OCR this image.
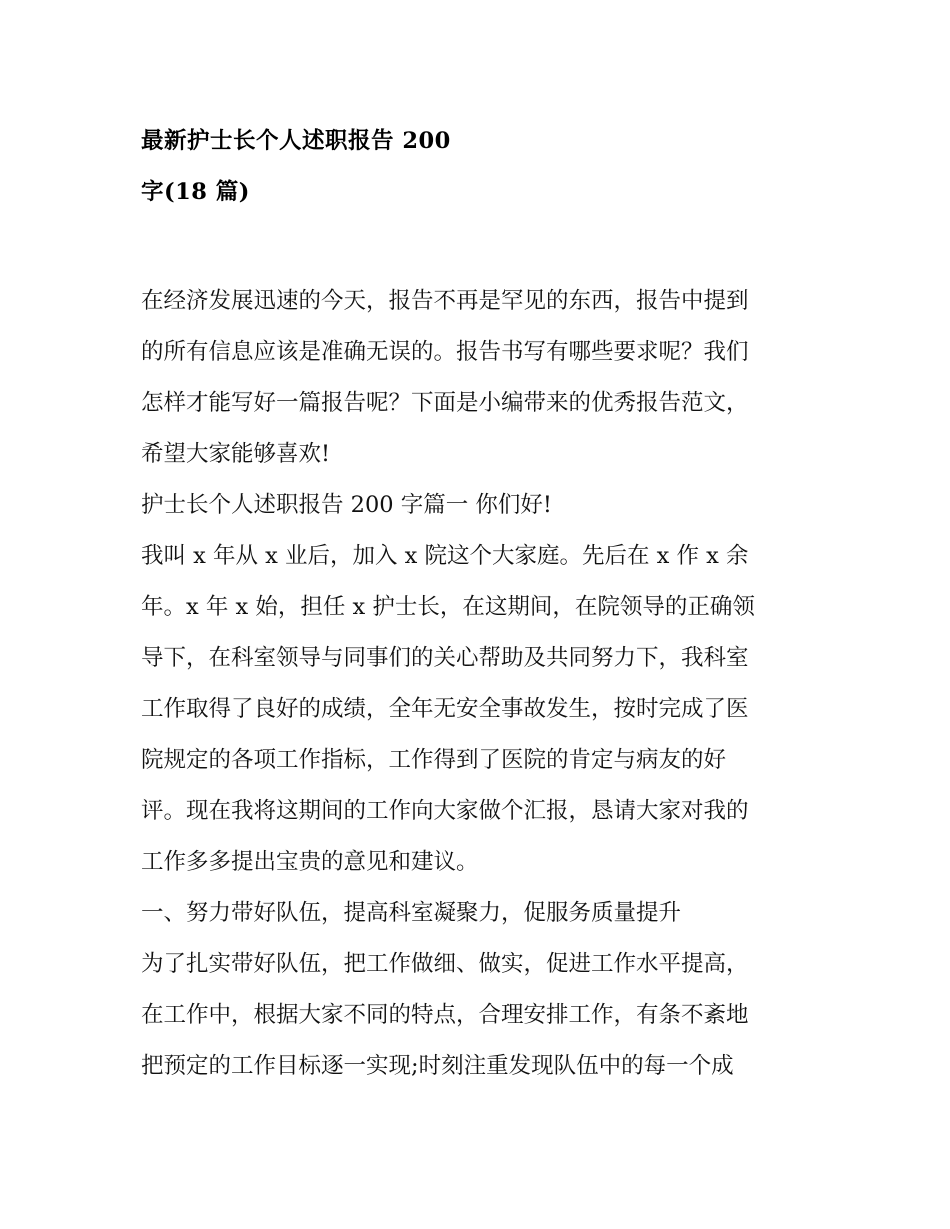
最新护士长个人述职报告 200
字(18 篇)
在经济发展迅速的今天，报告不再是罕见的东西，报告中提到
的所有信息应该是准确无误的。报告书写有哪些要求呢？我们
怎样才能写好一篇报告呢？下面是小编带来的优秀报告范文，
希望大家能够喜欢!
护士长个人述职报告 200 字篇一 你们好!
我叫 x 年从 x 业后，加入 x 院这个大家庭。先后在 x 作 x 余
年。x 年 x 始，担任 x 护士长，在这期间，在院领导的正确领
导下，在科室领导与同事们的关心帮助及共同努力下，我科室
工作取得了良好的成绩，全年无安全事故发生，按时完成了医
院规定的各项工作指标，工作得到了医院的肯定与病友的好
评。现在我将这期间的工作向大家做个汇报，恳请大家对我的
工作多多提出宝贵的意见和建议。
一、努力带好队伍，提高科室凝聚力，促服务质量提升
为了扎实带好队伍，把工作做细、做实，促进工作水平提高，
在工作中，根据大家不同的特点，合理安排工作，有条不紊地
把预定的工作目标逐一实现;时刻注重发现队伍中的每一个成
